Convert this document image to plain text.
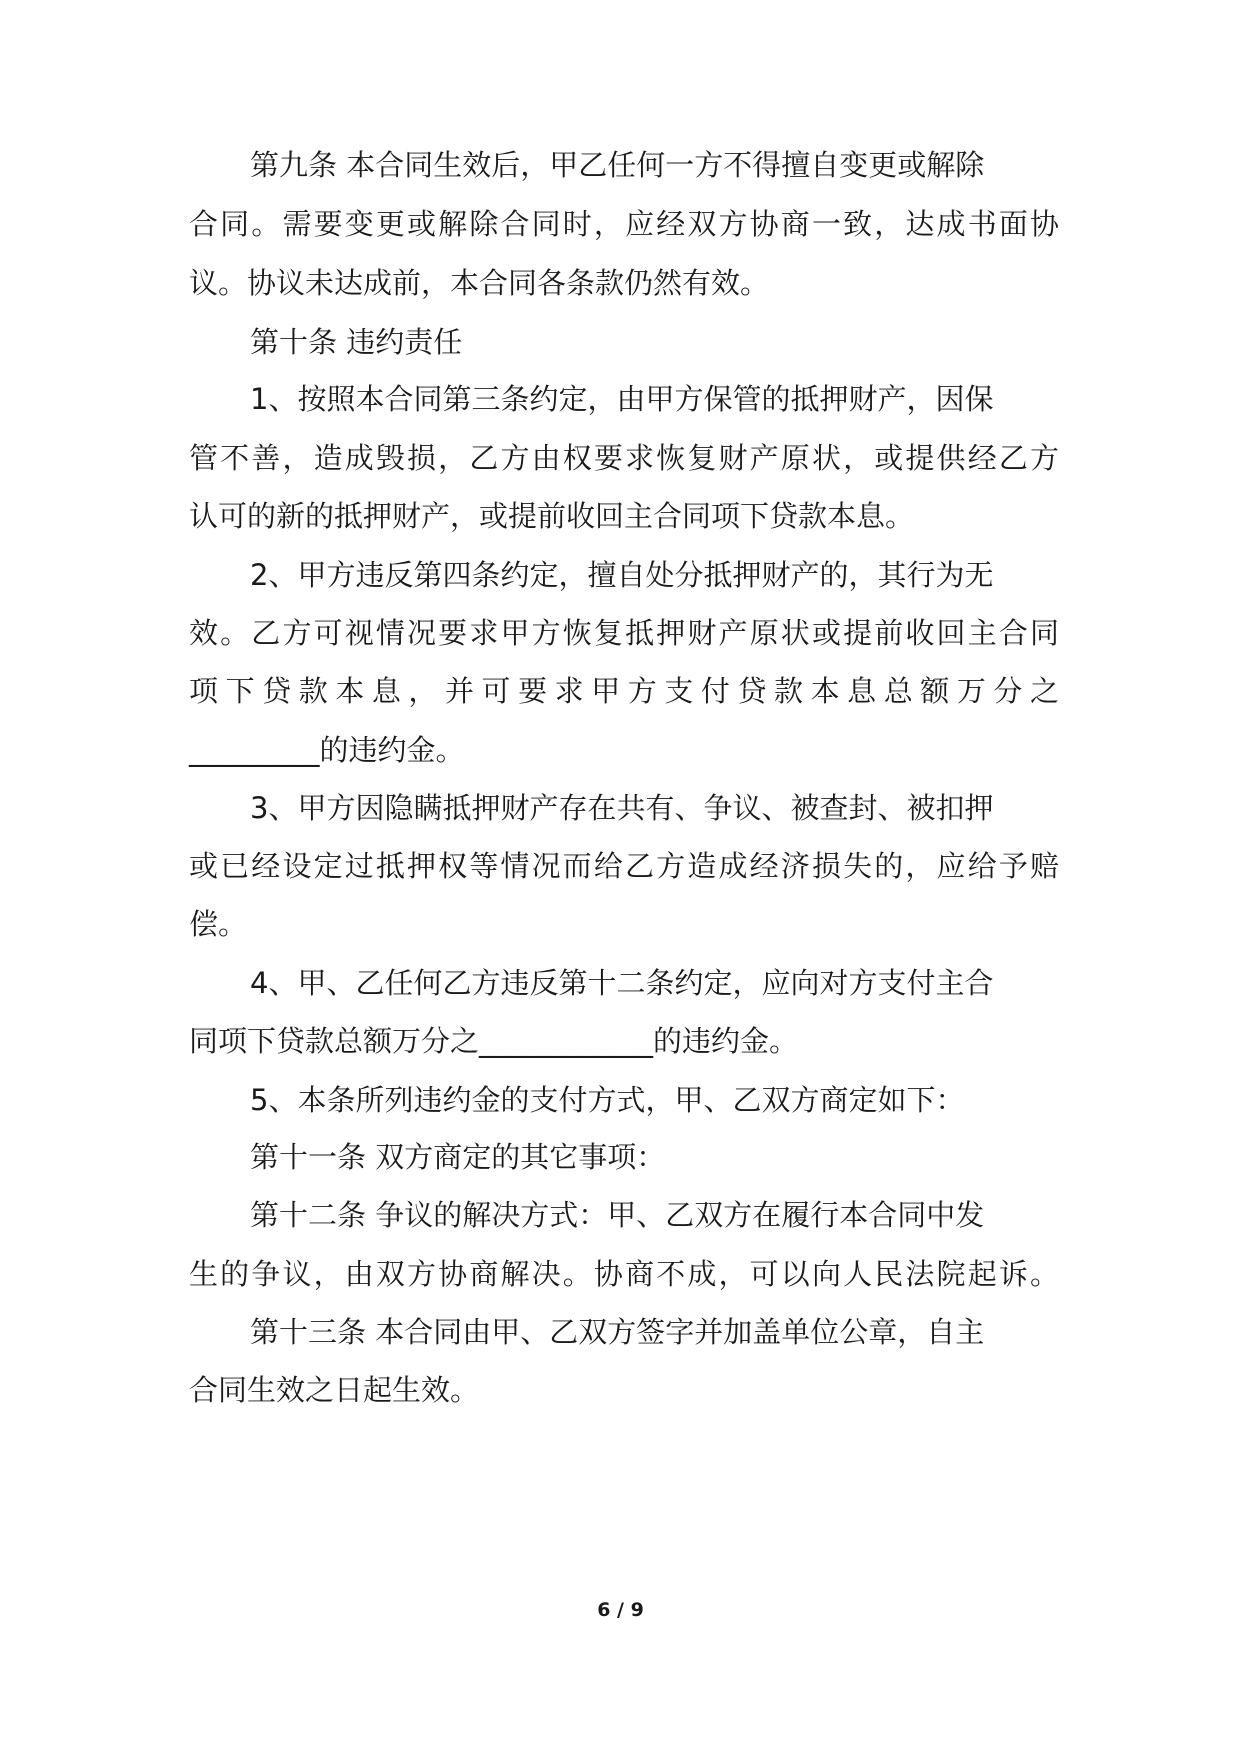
第九条 本合同生效后，甲乙任何一方不得擅自变更或解除
合同。需要变更或解除合同时，应经双方协商一致，达成书面协
议。协议未达成前，本合同各条款仍然有效。
第十条 违约责任
1、按照本合同第三条约定，由甲方保管的抵押财产，因保
管不善，造成毁损，乙方由权要求恢复财产原状，或提供经乙方
认可的新的抵押财产，或提前收回主合同项下贷款本息。
2、甲方违反第四条约定，擅自处分抵押财产的，其行为无
效。乙方可视情况要求甲方恢复抵押财产原状或提前收回主合同
项下贷款本息，并可要求甲方支付贷款本息总额万分之
_________的违约金。
3、甲方因隐瞒抵押财产存在共有、争议、被查封、被扣押
或已经设定过抵押权等情况而给乙方造成经济损失的，应给予赔
偿。
4、甲、乙任何乙方违反第十二条约定，应向对方支付主合
同项下贷款总额万分之____________的违约金。
5、本条所列违约金的支付方式，甲、乙双方商定如下：
第十一条 双方商定的其它事项：
第十二条 争议的解决方式：甲、乙双方在履行本合同中发
生的争议，由双方协商解决。协商不成，可以向人民法院起诉。
第十三条 本合同由甲、乙双方签字并加盖单位公章，自主
合同生效之日起生效。
6 / 9
